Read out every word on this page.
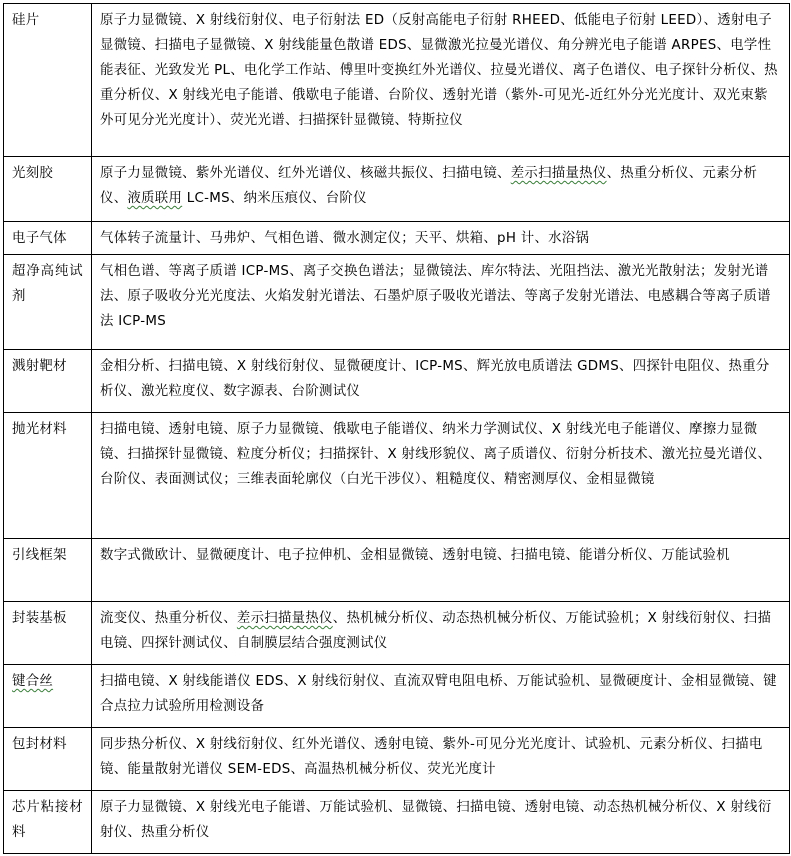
硅片	原子力显微镜、X 射线衍射仪、电子衍射法 ED（反射高能电子衍射 RHEED、低能电子衍射 LEED）、透射电子显微镜、扫描电子显微镜、X 射线能量色散谱 EDS、显微激光拉曼光谱仪、角分辨光电子能谱 ARPES、电学性能表征、光致发光 PL、电化学工作站、傅里叶变换红外光谱仪、拉曼光谱仪、离子色谱仪、电子探针分析仪、热重分析仪、X 射线光电子能谱、俄歇电子能谱、台阶仪、透射光谱（紫外-可见光-近红外分光光度计、双光束紫外可见分光光度计）、荧光光谱、扫描探针显微镜、特斯拉仪
光刻胶	原子力显微镜、紫外光谱仪、红外光谱仪、核磁共振仪、扫描电镜、差示扫描量热仪、热重分析仪、元素分析仪、液质联用 LC-MS、纳米压痕仪、台阶仪
电子气体	气体转子流量计、马弗炉、气相色谱、微水测定仪；天平、烘箱、pH 计、水浴锅
超净高纯试剂	气相色谱、等离子质谱 ICP-MS、离子交换色谱法；显微镜法、库尔特法、光阻挡法、激光光散射法；发射光谱法、原子吸收分光光度法、火焰发射光谱法、石墨炉原子吸收光谱法、等离子发射光谱法、电感耦合等离子质谱法 ICP-MS
溅射靶材	金相分析、扫描电镜、X 射线衍射仪、显微硬度计、ICP-MS、辉光放电质谱法 GDMS、四探针电阻仪、热重分析仪、激光粒度仪、数字源表、台阶测试仪
抛光材料	扫描电镜、透射电镜、原子力显微镜、俄歇电子能谱仪、纳米力学测试仪、X 射线光电子能谱仪、摩擦力显微镜、扫描探针显微镜、粒度分析仪；扫描探针、X 射线形貌仪、离子质谱仪、衍射分析技术、激光拉曼光谱仪、台阶仪、表面测试仪；三维表面轮廓仪（白光干涉仪）、粗糙度仪、精密测厚仪、金相显微镜
引线框架	数字式微欧计、显微硬度计、电子拉伸机、金相显微镜、透射电镜、扫描电镜、能谱分析仪、万能试验机
封装基板	流变仪、热重分析仪、差示扫描量热仪、热机械分析仪、动态热机械分析仪、万能试验机；X 射线衍射仪、扫描电镜、四探针测试仪、自制膜层结合强度测试仪
键合丝	扫描电镜、X 射线能谱仪 EDS、X 射线衍射仪、直流双臂电阻电桥、万能试验机、显微硬度计、金相显微镜、键合点拉力试验所用检测设备
包封材料	同步热分析仪、X 射线衍射仪、红外光谱仪、透射电镜、紫外-可见分光光度计、试验机、元素分析仪、扫描电镜、能量散射光谱仪 SEM-EDS、高温热机械分析仪、荧光光度计
芯片粘接材料	原子力显微镜、X 射线光电子能谱、万能试验机、显微镜、扫描电镜、透射电镜、动态热机械分析仪、X 射线衍射仪、热重分析仪
